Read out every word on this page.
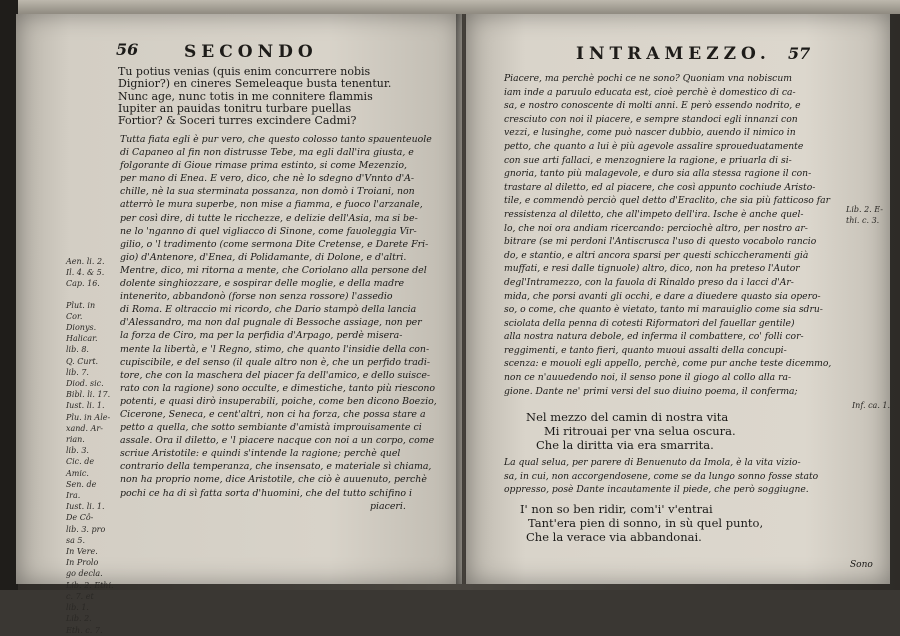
56	SECONDO
Tu potius venias (quis enim concurrere nobis
Dignior?) en cineres Semeleaque busta tenentur.
Nunc age, nunc totis in me connitere flammis
Iupiter an pauidas tonitru turbare puellas
Fortior? & Soceri turres excindere Cadmi?
Tutta fiata egli è pur vero, che questo colosso tanto spauenteuole
di Capaneo al fin non distrusse Tebe, ma egli dall'ira giusta, e
folgorante di Gioue rimase prima estinto, si come Mezenzio,
per mano di Enea. E vero, dico, che nè lo sdegno d'Vnnto d'A-
chille, nè la sua sterminata possanza, non domò i Troiani, non
atterrò le mura superbe, non mise a fiamma, e fuoco l'arzanale,
per così dire, di tutte le ricchezze, e delizie dell'Asia, ma si be-
ne lo 'nganno di quel vigliacco di Sinone, come fauoleggia Vir-
gilio, o 'l tradimento (come sermona Dite Cretense, e Darete Fri-
gio) d'Antenore, d'Enea, di Polidamante, di Dolone, e d'altri.
Mentre, dico, mi ritorna a mente, che Coriolano alla persone del
dolente singhiozzare, e sospirar delle moglie, e della madre
intenerito, abbandonò (forse non senza rossore) l'assedio
di Roma. E oltraccio mi ricordo, che Dario stampò della lancia
d'Alessandro, ma non dal pugnale di Bessoche assiage, non per
la forza de Ciro, ma per la perfidia d'Arpago, perdè misera-
mente la libertà, e 'l Regno, stimo, che quanto l'insidie della con-
cupiscibile, e del senso (il quale altro non è, che un perfido tradi-
tore, che con la maschera del piacer fa dell'amico, e dello suisce-
rato con la ragione) sono occulte, e dimestiche, tanto più riescono
potenti, e quasi dirò insuperabili, poiche, come ben dicono Boezio,
Cicerone, Seneca, e cent'altri, non ci ha forza, che possa stare a
petto a quella, che sotto sembiante d'amistà improuisamente ci
assale. Ora il diletto, e 'l piacere nacque con noi a un corpo, come
scriue Aristotile: e quindi s'intende la ragione; perchè quel
contrario della temperanza, che insensato, e materiale sì chiama,
non ha proprio nome, dice Aristotile, che ciò è auuenuto, perchè
pochi ce ha di sì fatta sorta d'huomini, che del tutto schifino i
piaceri.
Aen. li. 2.
Il. 4. & 5.
Cap. 16.
Plut. in
Cor.
Dionys.
Halicar.
lib. 8.
Q. Curt.
lib. 7.
Diod. sic.
Bibl. li. 17.
Iust. li. 1.
Plu. in Ale-
xand. Ar-
rian.
lib. 3.
Cic. de
Amic.
Sen. de
Ira.
Iust. li. 1.
De Cô-
lib. 3. pro
sa 5.
In Vere.
In Prolo
go decla.
Lib. 2. Ethi.
c. 7. et
lib. 1.
Lib. 2.
Eth. c. 7.
INTRAMEZZO. 57
Piacere, ma perchè pochi ce ne sono? Quoniam vna nobiscum
iam inde a paruulo educata est, cioè perchè è domestico di ca-
sa, e nostro conoscente di molti anni. E però essendo nodrito, e
cresciuto con noi il piacere, e sempre standoci egli innanzi con
vezzi, e lusinghe, come può nascer dubbio, auendo il nimico in
petto, che quanto a lui è più agevole assalire sproueduatamente
con sue arti fallaci, e menzogniere la ragione, e priuarla di si-
gnoria, tanto più malagevole, e duro sia alla stessa ragione il con-
trastare al diletto, ed al piacere, che così appunto cochiude Aristo-
tile, e commendò perciò quel detto d'Eraclito, che sia più fatticoso far
ressistenza al diletto, che all'impeto dell'ira. Ische è anche quel-
lo, che noi ora andiam ricercando: perciochè altro, per nostro ar-
bitrare (se mi perdoni l'Antiscrusca l'uso di questo vocabolo rancio
do, e stantio, e altri ancora sparsi per questi schiccheramenti già
muffati, e resi dalle tignuole) altro, dico, non ha preteso l'Autor
degl'Intramezzo, con la fauola di Rinaldo preso da i lacci d'Ar-
mida, che porsi avanti gli occhi, e dare a diuedere quasto sia opero-
so, o come, che quanto è vietato, tanto mi marauiglio come sia sdru-
sciolata della penna di cotesti Riformatori del fauellar gentile)
alla nostra natura debole, ed inferma il combattere, co' folli cor-
reggimenti, e tanto fieri, quanto muoui assalti della concupi-
scenza: e mouoli egli appello, perchè, come pur anche teste dicemmo,
non ce n'auuedendo noi, il senso pone il giogo al collo alla ra-
gione. Dante ne' primi versi del suo diuino poema, il conferma;
Nel mezzo del camin di nostra vita
Mi ritrouai per vna selua oscura.
Che la diritta via era smarrita.
La qual selua, per parere di Benuenuto da Imola, è la vita vizio-
sa, in cui, non accorgendosene, come se da lungo sonno fosse stato
oppresso, posè Dante incautamente il piede, che però soggiugne.
I' non so ben ridir, com'i' v'entrai
Tant'era pien di sonno, in sù quel punto,
Che la verace via abbandonai.
Lib. 2. E-
thi. c. 3.
Inf. ca. 1.
Sono
